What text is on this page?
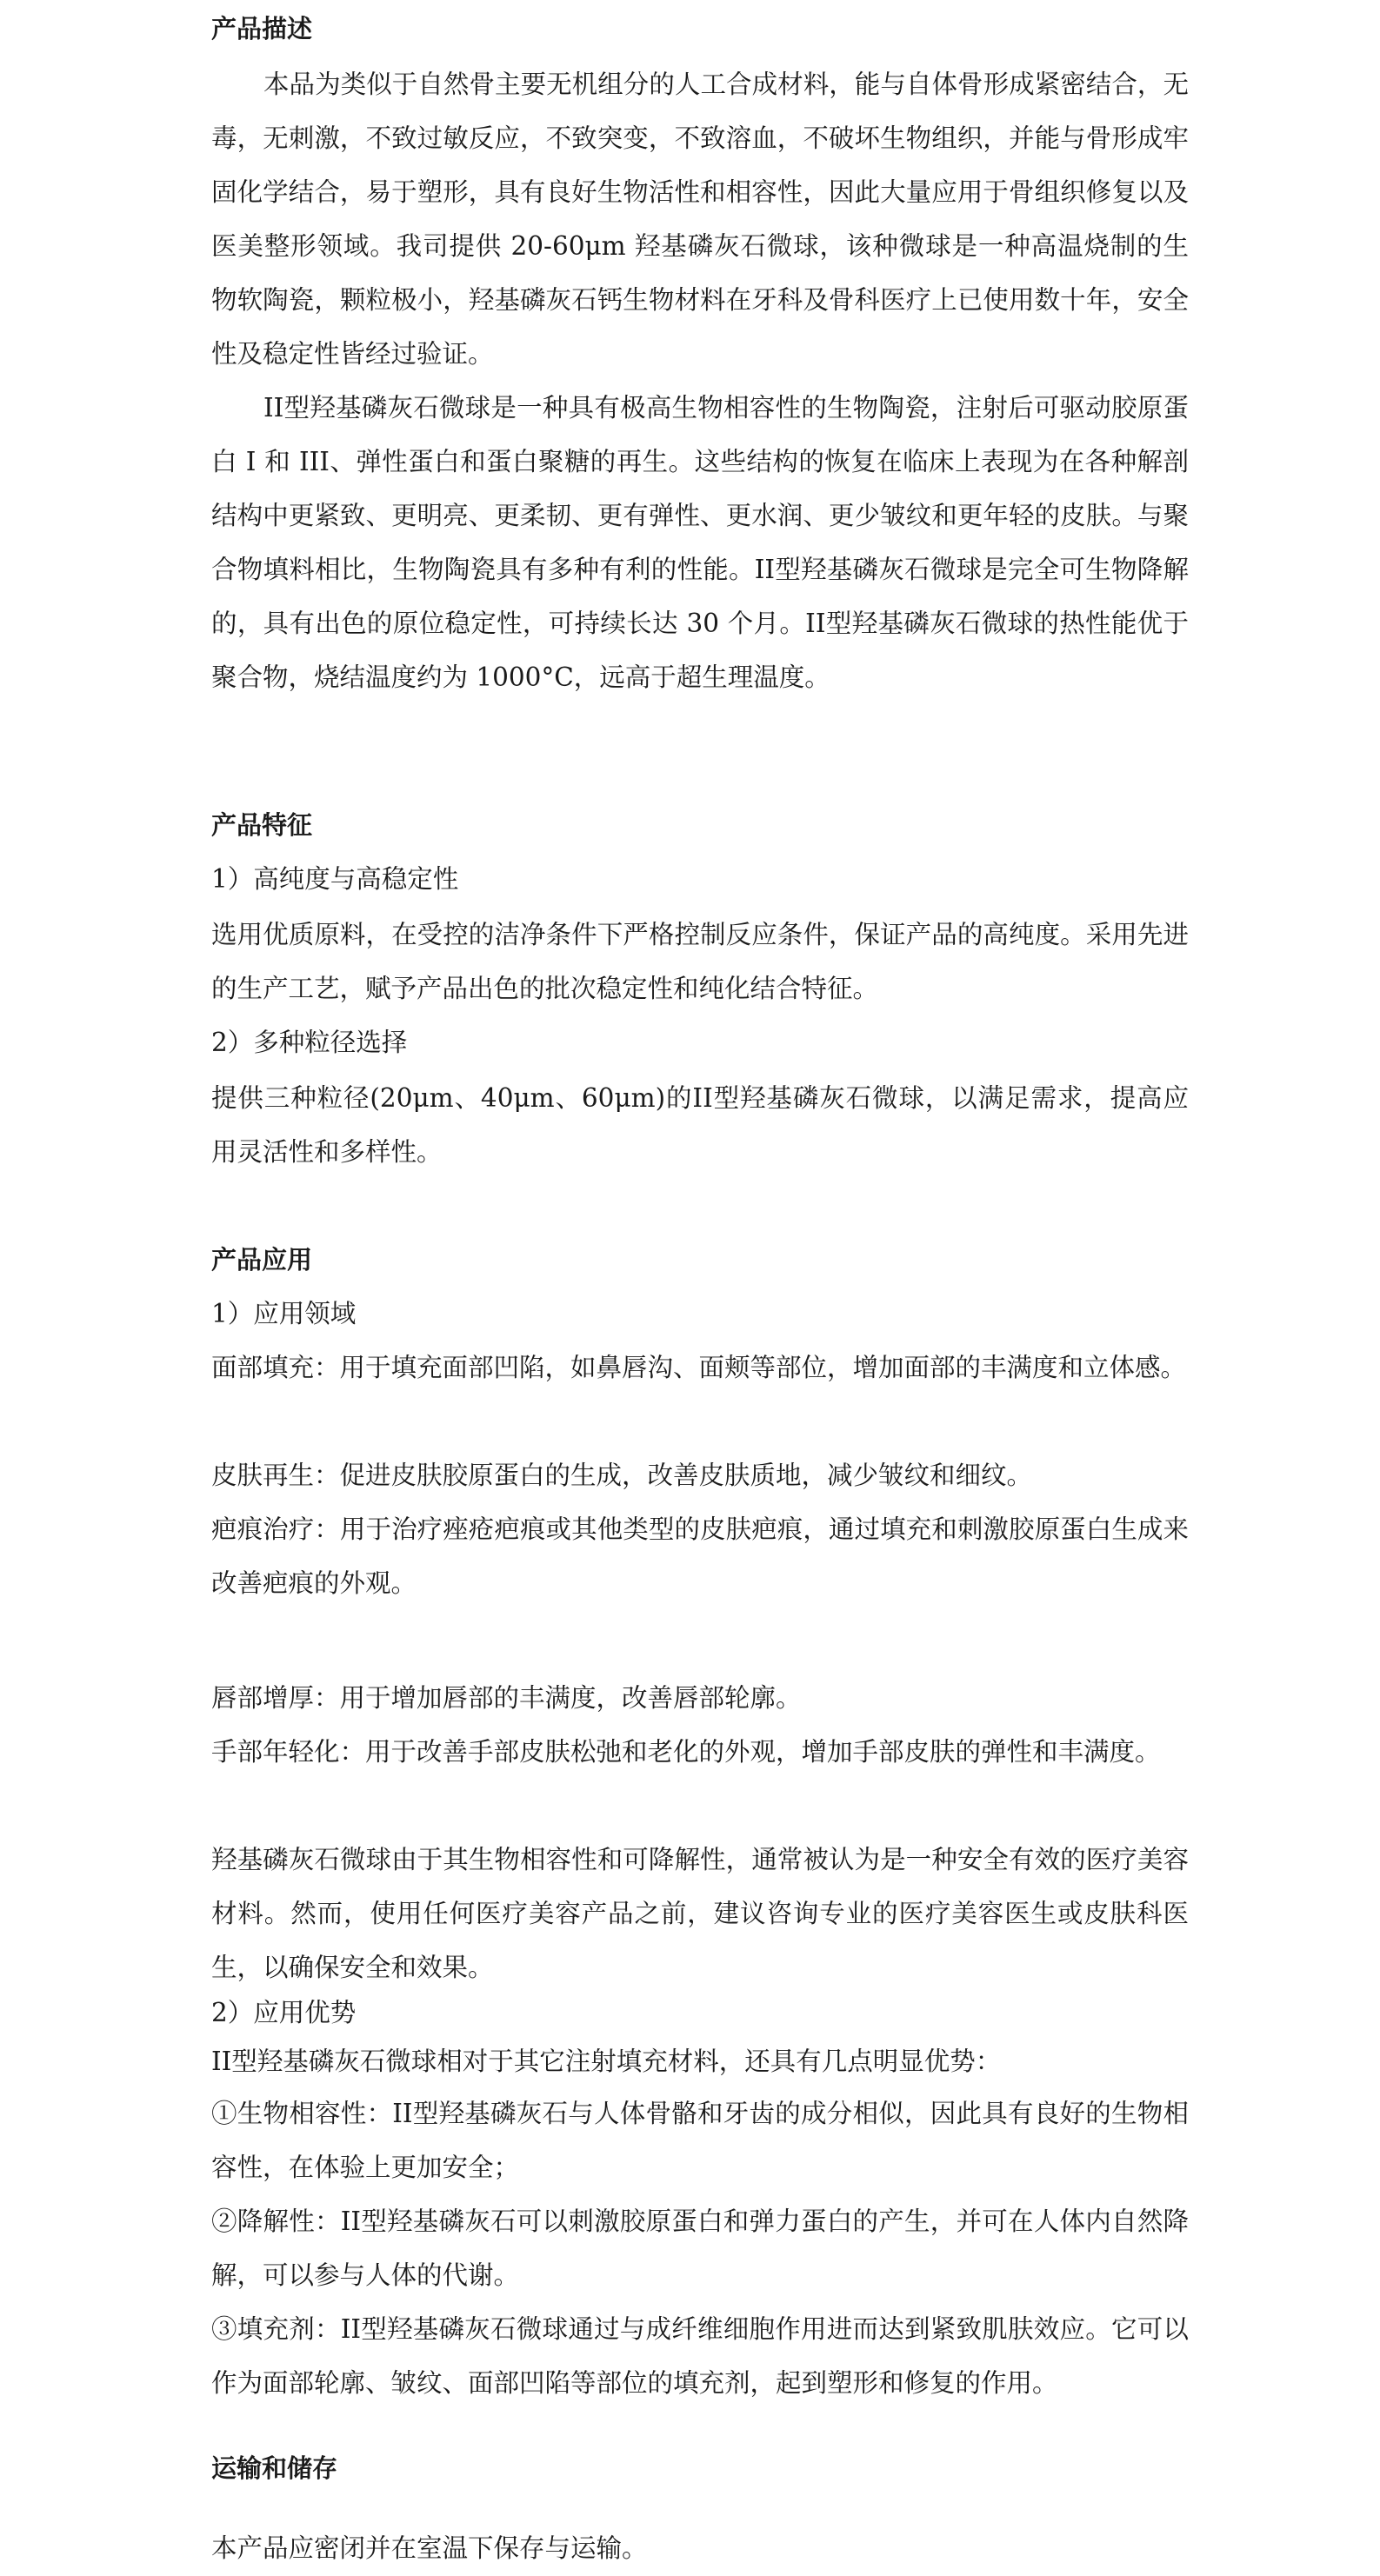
产品描述

本品为类似于自然骨主要无机组分的人工合成材料，能与自体骨形成紧密结合，无毒，无刺激，不致过敏反应，不致突变，不致溶血，不破坏生物组织，并能与骨形成牢固化学结合，易于塑形，具有良好生物活性和相容性，因此大量应用于骨组织修复以及医美整形领域。我司提供 20-60μm 羟基磷灰石微球，该种微球是一种高温烧制的生物软陶瓷，颗粒极小，羟基磷灰石钙生物材料在牙科及骨科医疗上已使用数十年，安全性及稳定性皆经过验证。

II型羟基磷灰石微球是一种具有极高生物相容性的生物陶瓷，注射后可驱动胶原蛋白 I 和 III、弹性蛋白和蛋白聚糖的再生。这些结构的恢复在临床上表现为在各种解剖结构中更紧致、更明亮、更柔韧、更有弹性、更水润、更少皱纹和更年轻的皮肤。与聚合物填料相比，生物陶瓷具有多种有利的性能。II型羟基磷灰石微球是完全可生物降解的，具有出色的原位稳定性，可持续长达 30 个月。II型羟基磷灰石微球的热性能优于聚合物，烧结温度约为 1000°C，远高于超生理温度。

产品特征

1）高纯度与高稳定性

选用优质原料，在受控的洁净条件下严格控制反应条件，保证产品的高纯度。采用先进的生产工艺，赋予产品出色的批次稳定性和纯化结合特征。

2）多种粒径选择

提供三种粒径(20μm、40μm、60μm)的II型羟基磷灰石微球，以满足需求，提高应用灵活性和多样性。

产品应用

1）应用领域

面部填充：用于填充面部凹陷，如鼻唇沟、面颊等部位，增加面部的丰满度和立体感。

皮肤再生：促进皮肤胶原蛋白的生成，改善皮肤质地，减少皱纹和细纹。

疤痕治疗：用于治疗痤疮疤痕或其他类型的皮肤疤痕，通过填充和刺激胶原蛋白生成来改善疤痕的外观。

唇部增厚：用于增加唇部的丰满度，改善唇部轮廓。

手部年轻化：用于改善手部皮肤松弛和老化的外观，增加手部皮肤的弹性和丰满度。

羟基磷灰石微球由于其生物相容性和可降解性，通常被认为是一种安全有效的医疗美容材料。然而，使用任何医疗美容产品之前，建议咨询专业的医疗美容医生或皮肤科医生，以确保安全和效果。

2）应用优势

II型羟基磷灰石微球相对于其它注射填充材料，还具有几点明显优势：

①生物相容性：II型羟基磷灰石与人体骨骼和牙齿的成分相似，因此具有良好的生物相容性，在体验上更加安全；

②降解性：II型羟基磷灰石可以刺激胶原蛋白和弹力蛋白的产生，并可在人体内自然降解，可以参与人体的代谢。

③填充剂：II型羟基磷灰石微球通过与成纤维细胞作用进而达到紧致肌肤效应。它可以作为面部轮廓、皱纹、面部凹陷等部位的填充剂，起到塑形和修复的作用。

运输和储存

本产品应密闭并在室温下保存与运输。
